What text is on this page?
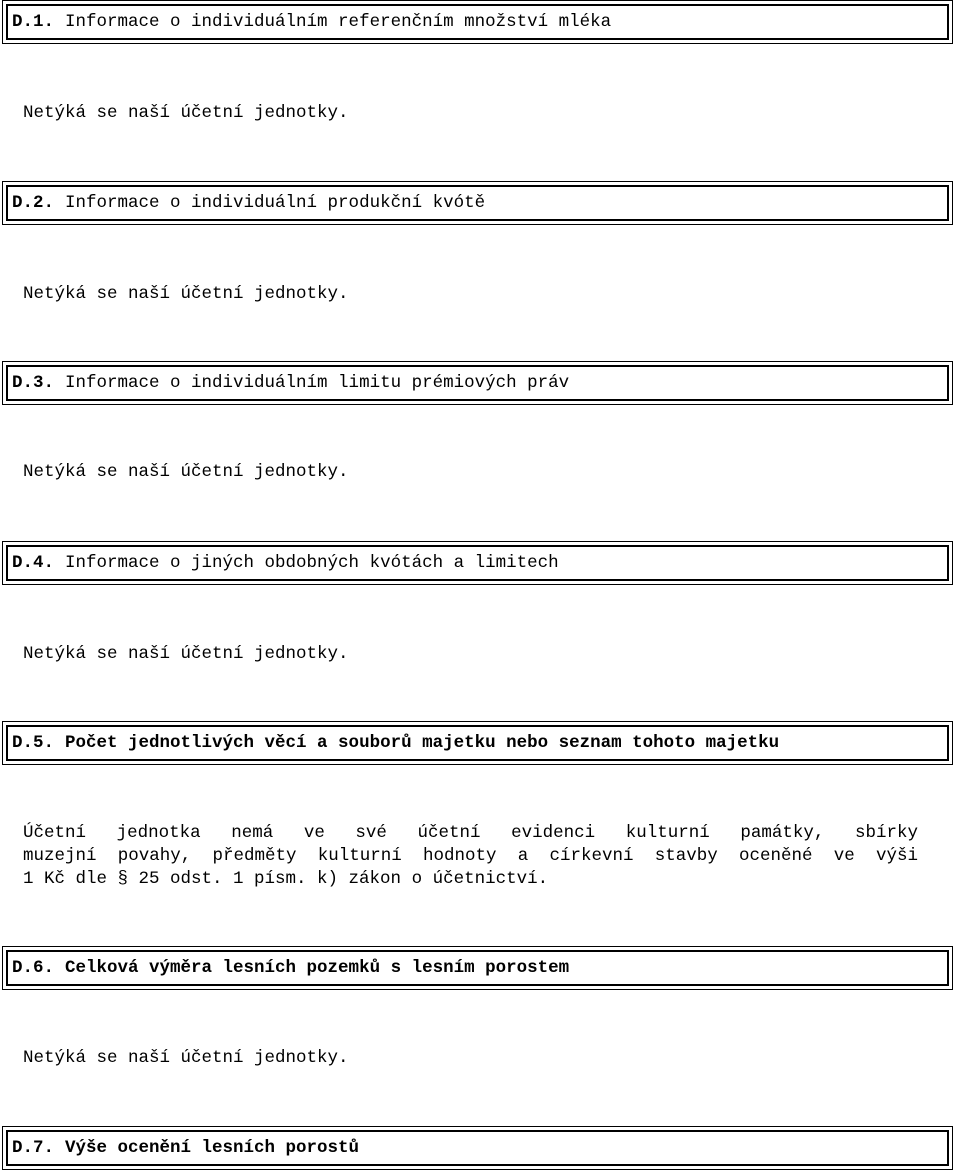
D.1. Informace o individuálním referenčním množství mléka
Netýká se naší účetní jednotky.
D.2. Informace o individuální produkční kvótě
Netýká se naší účetní jednotky.
D.3. Informace o individuálním limitu prémiových práv
Netýká se naší účetní jednotky.
D.4. Informace o jiných obdobných kvótách a limitech
Netýká se naší účetní jednotky.
D.5. Počet jednotlivých věcí a souborů majetku nebo seznam tohoto majetku
Účetní jednotka nemá ve své účetní evidenci kulturní památky, sbírky
muzejní povahy, předměty kulturní hodnoty a církevní stavby oceněné ve výši
1 Kč dle § 25 odst. 1 písm. k) zákon o účetnictví.
D.6. Celková výměra lesních pozemků s lesním porostem
Netýká se naší účetní jednotky.
D.7. Výše ocenění lesních porostů
